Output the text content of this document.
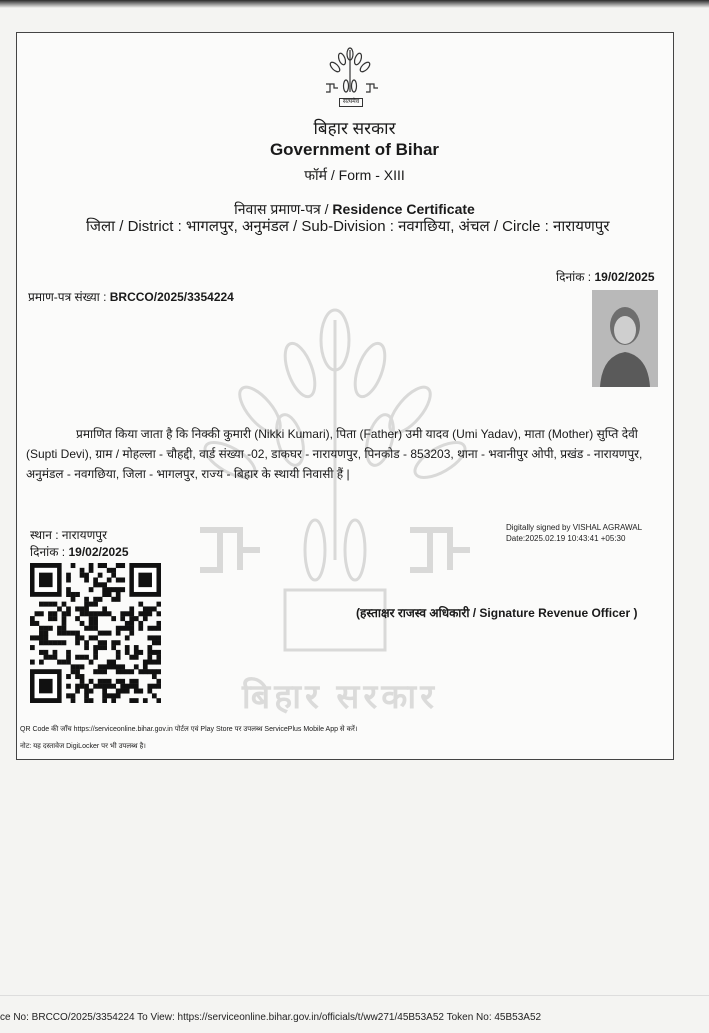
बिहार सरकार
सत्यमेव
बिहार सरकार
Government of Bihar
फॉर्म / Form - XIII
निवास प्रमाण-पत्र / Residence Certificate
जिला / District : भागलपुर, अनुमंडल / Sub-Division : नवगछिया, अंचल / Circle : नारायणपुर
दिनांक : 19/02/2025
प्रमाण-पत्र संख्या : BRCCO/2025/3354224
प्रमाणित किया जाता है कि निक्की कुमारी (Nikki Kumari), पिता (Father) उमी यादव (Umi Yadav), माता (Mother) सुप्ति देवी (Supti Devi), ग्राम / मोहल्ला - चौहद्दी, वार्ड संख्या -02, डाकघर - नारायणपुर, पिनकोड - 853203, थाना - भवानीपुर ओपी, प्रखंड - नारायणपुर, अनुमंडल - नवगछिया, जिला - भागलपुर, राज्य - बिहार के स्थायी निवासी हैं |
स्थान : नारायणपुर
दिनांक : 19/02/2025
Digitally signed by VISHAL AGRAWAL
Date:2025.02.19 10:43:41 +05:30
(हस्ताक्षर राजस्व अधिकारी / Signature Revenue Officer )
QR Code की जाँच https://serviceonline.bihar.gov.in पोर्टल एवं Play Store पर उपलब्ध ServicePlus Mobile App से करें।
नोट: यह दस्तावेज DigiLocker पर भी उपलब्ध है।
ce No: BRCCO/2025/3354224 To View: https://serviceonline.bihar.gov.in/officials/t/ww271/45B53A52 Token No: 45B53A52
